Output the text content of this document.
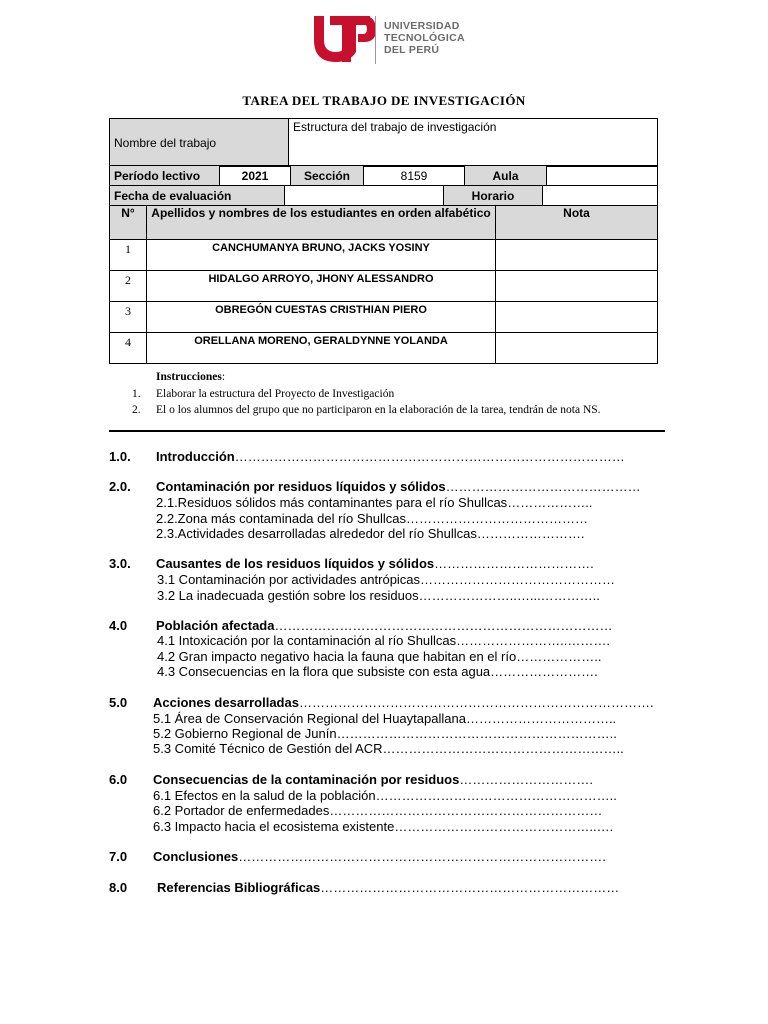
UNIVERSIDAD
TECNOLÓGICA
DEL PERÚ
TAREA DEL TRABAJO DE INVESTIGACIÓN
Nombre del trabajo	Estructura del trabajo de investigación
Período lectivo	2021	Sección	8159	Aula	
Fecha de evaluación		Horario	
N°	Apellidos y nombres de los estudiantes en orden alfabético	Nota
1	CANCHUMANYA BRUNO, JACKS YOSINY	
2	HIDALGO ARROYO, JHONY ALESSANDRO	
3	OBREGÓN CUESTAS CRISTHIAN PIERO	
4	ORELLANA MORENO, GERALDYNNE YOLANDA	
Instrucciones:
1. Elaborar la estructura del Proyecto de Investigación
2. El o los alumnos del grupo que no participaron en la elaboración de la tarea, tendrán de nota NS.
1.0. Introducción………………………………………………………………………………
2.0. Contaminación por residuos líquidos y sólidos………………………………………
2.1.Residuos sólidos más contaminantes para el río Shullcas………………..
2.2.Zona más contaminada del río Shullcas……………………………………
2.3.Actividades desarrolladas alrededor del río Shullcas…………………….
3.0. Causantes de los residuos líquidos y sólidos……………………………….
3.1 Contaminación por actividades antrópicas………………………………………
3.2 La inadecuada gestión sobre los residuos…………………..…...…………..
4.0 Población afectada……………………………………………………………………
4.1 Intoxicación por la contaminación al río Shullcas……………………..……….
4.2 Gran impacto negativo hacia la fauna que habitan en el río………………..
4.3 Consecuencias en la flora que subsiste con esta agua…………………….
5.0 Acciones desarrolladas……………………………………………………………………….
5.1 Área de Conservación Regional del Huaytapallana……………………………..
5.2 Gobierno Regional de Junín………………………………………………………..
5.3 Comité Técnico de Gestión del ACR………………………………………………..
6.0 Consecuencias de la contaminación por residuos………………………….
6.1 Efectos en la salud de la población………………………………………………..
6.2 Portador de enfermedades………………………………………………………
6.3 Impacto hacia el ecosistema existente………………………………………..….
7.0 Conclusiones………………………………………………………………………….
8.0 Referencias Bibliográficas……………………………………………………………
